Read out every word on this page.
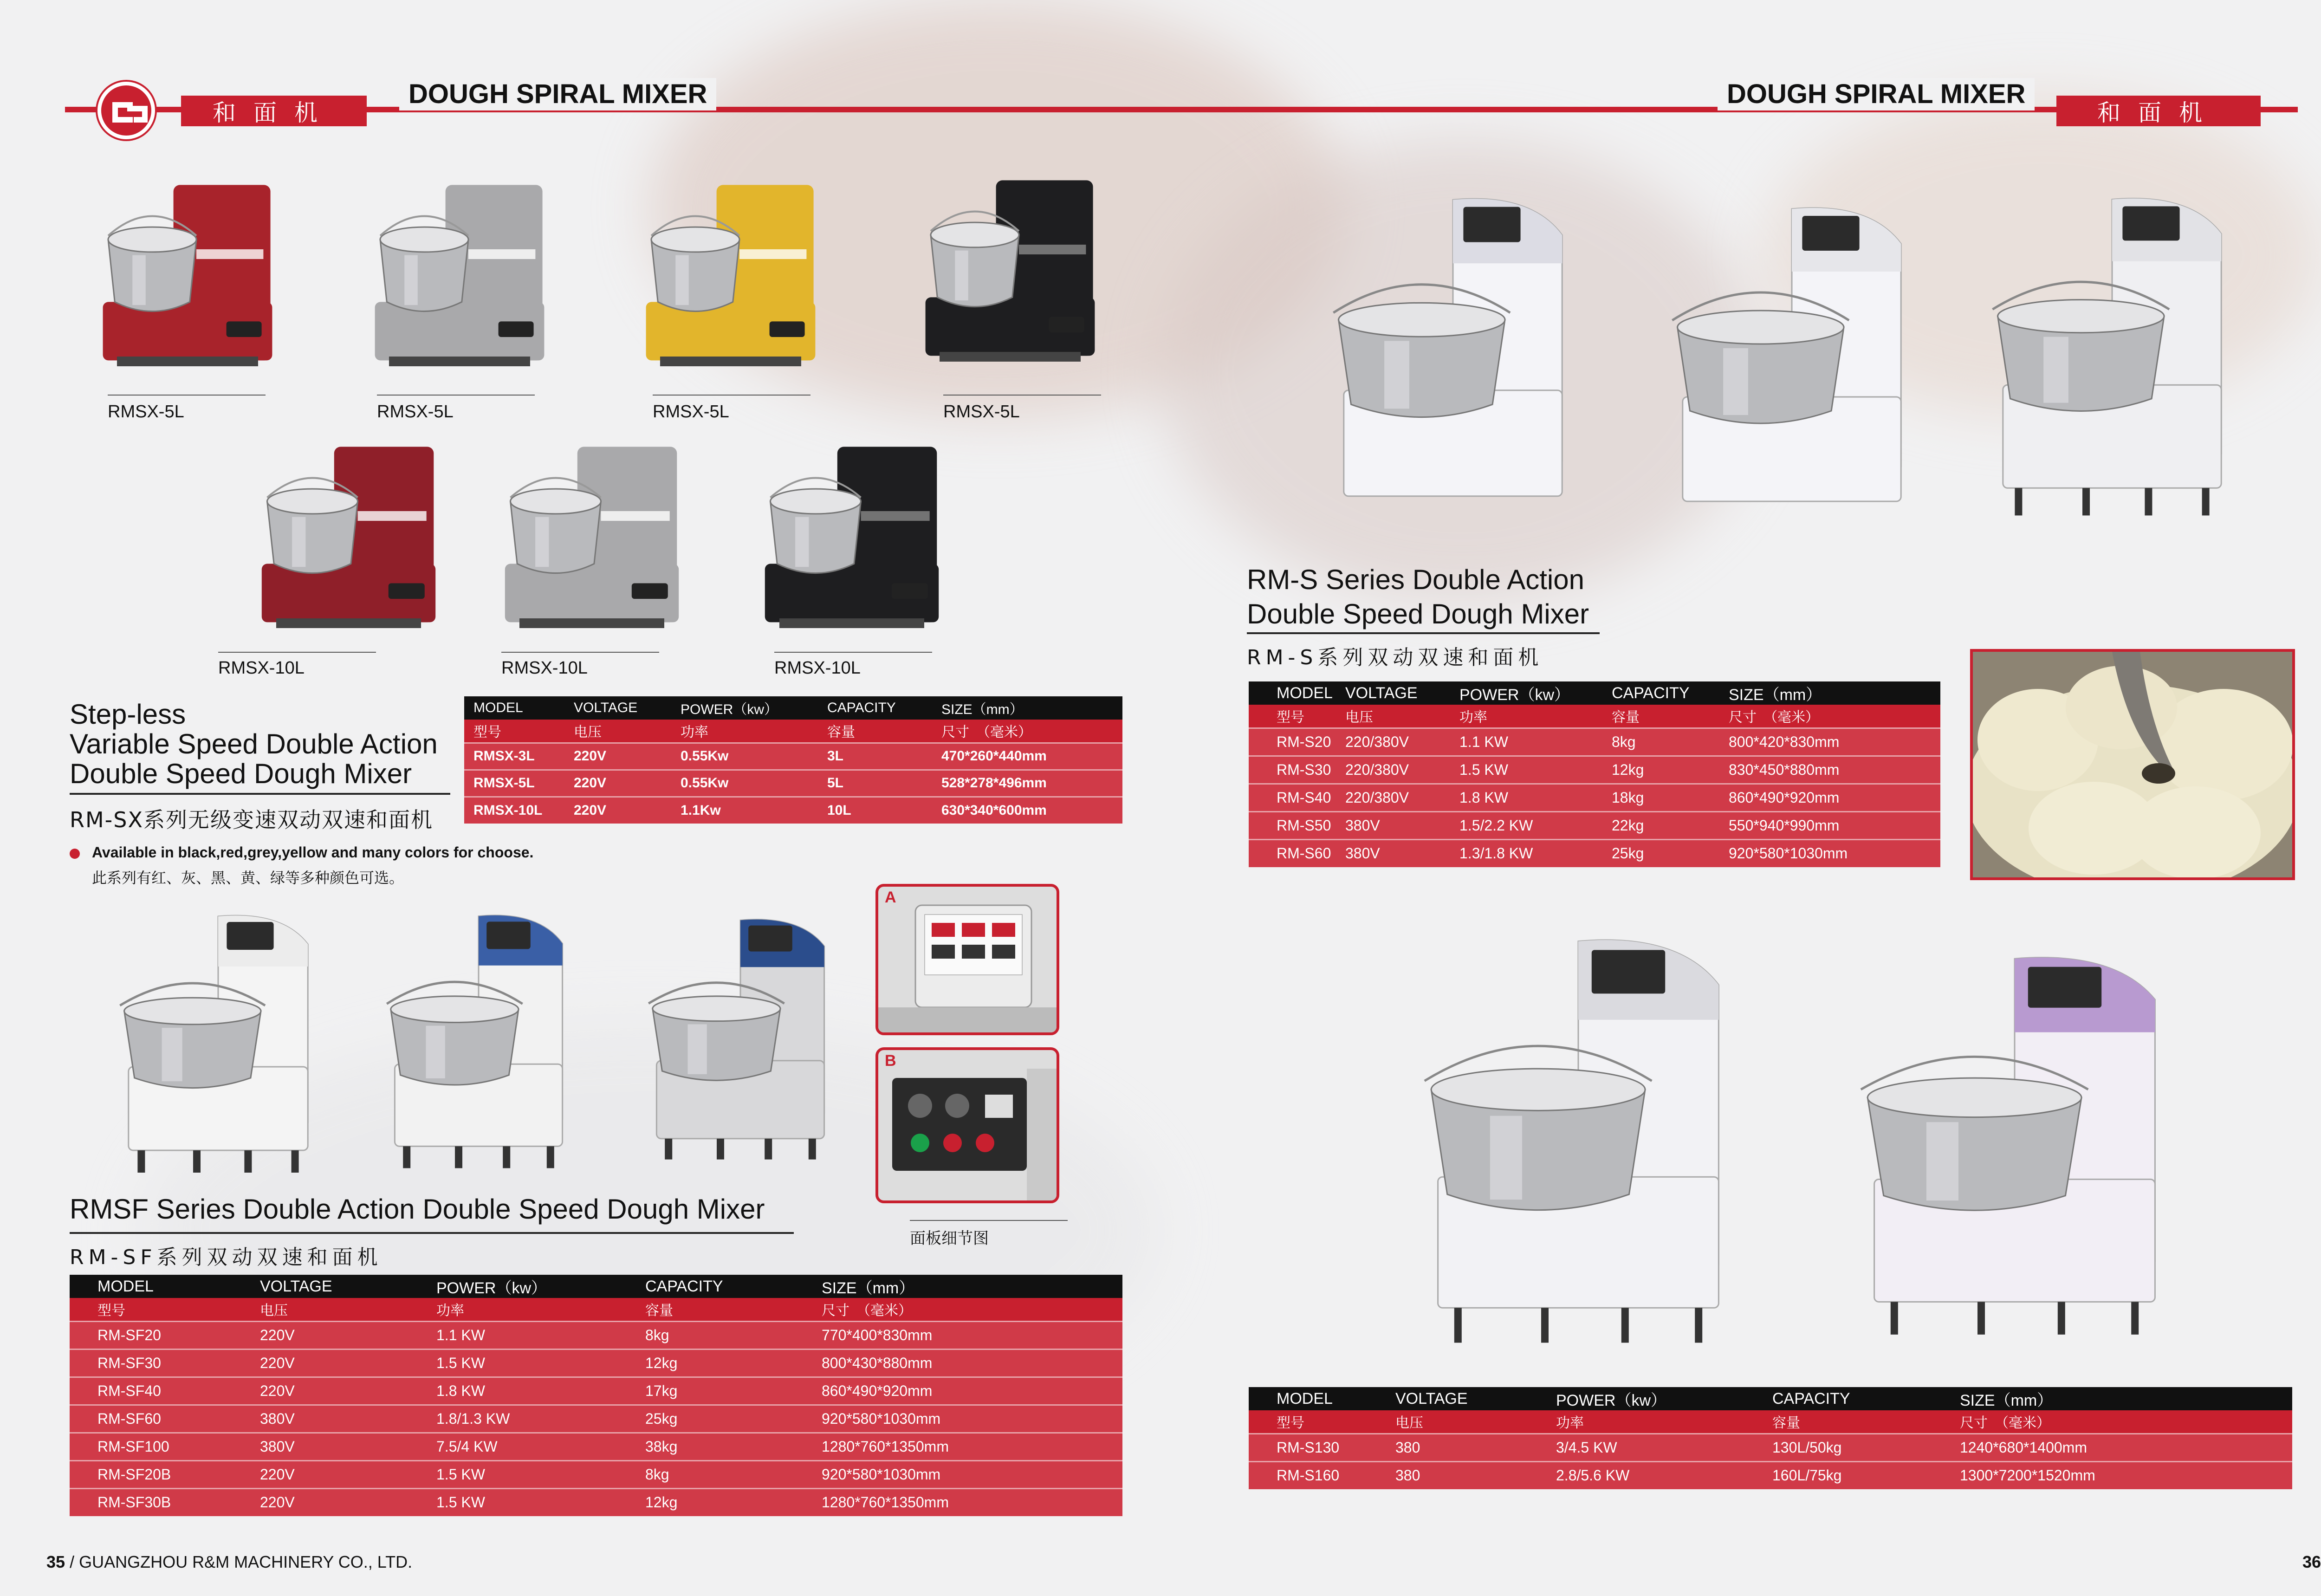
和面机
DOUGH SPIRAL MIXER	DOUGH SPIRAL MIXER
和面机
RMSX-5L	RMSX-5L	RMSX-5L	RMSX-5L
RMSX-10L	RMSX-10L	RMSX-10L
Step-less
Variable Speed Double Action
Double Speed Dough Mixer
RM-SX系列无级变速双动双速和面机
MODEL	VOLTAGE	POWER（kw）	CAPACITY	SIZE（mm）
型号	电压	功率	容量	尺寸　（毫米）
RMSX-3L	220V	0.55Kw	3L	470*260*440mm
RMSX-5L	220V	0.55Kw	5L	528*278*496mm
RMSX-10L	220V	1.1Kw	10L	630*340*600mm
Available in black,red,grey,yellow and many colors for choose.
此系列有红、灰、黑、黄、绿等多种颜色可选。
A
B
面板细节图
RMSF Series Double Action Double Speed Dough Mixer
RM-SF系列双动双速和面机
MODEL	VOLTAGE	POWER（kw）	CAPACITY	SIZE（mm）
型号	电压	功率	容量	尺寸　（毫米）
RM-SF20	220V	1.1 KW	8kg	770*400*830mm
RM-SF30	220V	1.5 KW	12kg	800*430*880mm
RM-SF40	220V	1.8 KW	17kg	860*490*920mm
RM-SF60	380V	1.8/1.3 KW	25kg	920*580*1030mm
RM-SF100	380V	7.5/4 KW	38kg	1280*760*1350mm
RM-SF20B	220V	1.5 KW	8kg	920*580*1030mm
RM-SF30B	220V	1.5 KW	12kg	1280*760*1350mm
RM-S Series Double Action
Double Speed Dough Mixer
RM-S系列双动双速和面机
MODEL	VOLTAGE	POWER（kw）	CAPACITY	SIZE（mm）
型号	电压	功率	容量	尺寸　（毫米）
RM-S20	220/380V	1.1 KW	8kg	800*420*830mm
RM-S30	220/380V	1.5 KW	12kg	830*450*880mm
RM-S40	220/380V	1.8 KW	18kg	860*490*920mm
RM-S50	380V	1.5/2.2 KW	22kg	550*940*990mm
RM-S60	380V	1.3/1.8 KW	25kg	920*580*1030mm
MODEL	VOLTAGE	POWER（kw）	CAPACITY	SIZE（mm）
型号	电压	功率	容量	尺寸　（毫米）
RM-S130	380	3/4.5 KW	130L/50kg	1240*680*1400mm
RM-S160	380	2.8/5.6 KW	160L/75kg	1300*7200*1520mm
35 / GUANGZHOU R&M MACHINERY CO., LTD.	36
